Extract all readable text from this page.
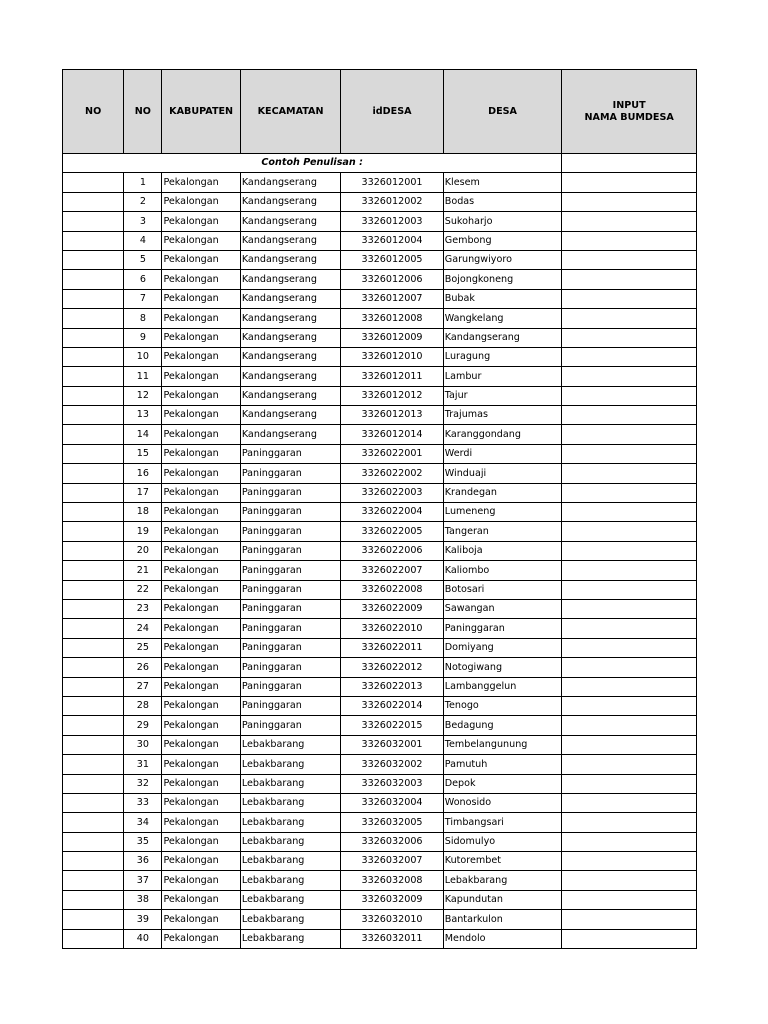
NO	NO	KABUPATEN	KECAMATAN	idDESA	DESA	INPUT
NAMA BUMDESA
Contoh Penulisan :						
	1	Pekalongan	Kandangserang	3326012001	Klesem	
	2	Pekalongan	Kandangserang	3326012002	Bodas	
	3	Pekalongan	Kandangserang	3326012003	Sukoharjo	
	4	Pekalongan	Kandangserang	3326012004	Gembong	
	5	Pekalongan	Kandangserang	3326012005	Garungwiyoro	
	6	Pekalongan	Kandangserang	3326012006	Bojongkoneng	
	7	Pekalongan	Kandangserang	3326012007	Bubak	
	8	Pekalongan	Kandangserang	3326012008	Wangkelang	
	9	Pekalongan	Kandangserang	3326012009	Kandangserang	
	10	Pekalongan	Kandangserang	3326012010	Luragung	
	11	Pekalongan	Kandangserang	3326012011	Lambur	
	12	Pekalongan	Kandangserang	3326012012	Tajur	
	13	Pekalongan	Kandangserang	3326012013	Trajumas	
	14	Pekalongan	Kandangserang	3326012014	Karanggondang	
	15	Pekalongan	Paninggaran	3326022001	Werdi	
	16	Pekalongan	Paninggaran	3326022002	Winduaji	
	17	Pekalongan	Paninggaran	3326022003	Krandegan	
	18	Pekalongan	Paninggaran	3326022004	Lumeneng	
	19	Pekalongan	Paninggaran	3326022005	Tangeran	
	20	Pekalongan	Paninggaran	3326022006	Kaliboja	
	21	Pekalongan	Paninggaran	3326022007	Kaliombo	
	22	Pekalongan	Paninggaran	3326022008	Botosari	
	23	Pekalongan	Paninggaran	3326022009	Sawangan	
	24	Pekalongan	Paninggaran	3326022010	Paninggaran	
	25	Pekalongan	Paninggaran	3326022011	Domiyang	
	26	Pekalongan	Paninggaran	3326022012	Notogiwang	
	27	Pekalongan	Paninggaran	3326022013	Lambanggelun	
	28	Pekalongan	Paninggaran	3326022014	Tenogo	
	29	Pekalongan	Paninggaran	3326022015	Bedagung	
	30	Pekalongan	Lebakbarang	3326032001	Tembelangunung	
	31	Pekalongan	Lebakbarang	3326032002	Pamutuh	
	32	Pekalongan	Lebakbarang	3326032003	Depok	
	33	Pekalongan	Lebakbarang	3326032004	Wonosido	
	34	Pekalongan	Lebakbarang	3326032005	Timbangsari	
	35	Pekalongan	Lebakbarang	3326032006	Sidomulyo	
	36	Pekalongan	Lebakbarang	3326032007	Kutorembet	
	37	Pekalongan	Lebakbarang	3326032008	Lebakbarang	
	38	Pekalongan	Lebakbarang	3326032009	Kapundutan	
	39	Pekalongan	Lebakbarang	3326032010	Bantarkulon	
	40	Pekalongan	Lebakbarang	3326032011	Mendolo	
